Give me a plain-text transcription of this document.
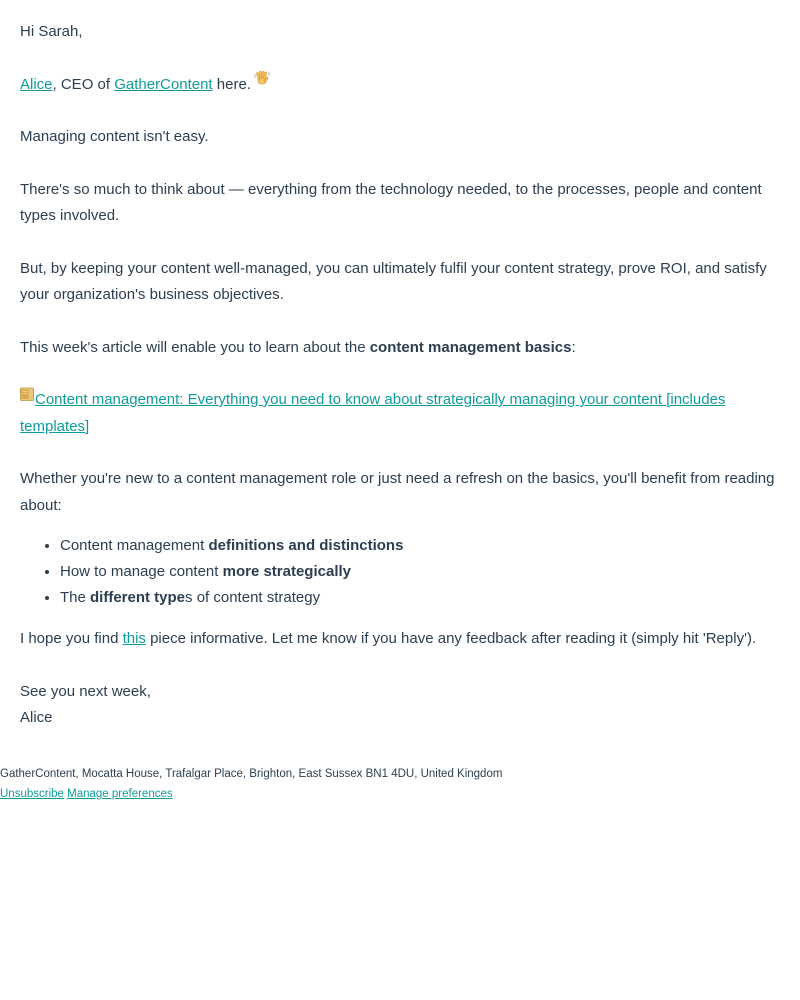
Hi Sarah,

Alice, CEO of GatherContent here.

Managing content isn't easy.

There's so much to think about — everything from the technology needed, to the processes, people and content types involved.

But, by keeping your content well-managed, you can ultimately fulfil your content strategy, prove ROI, and satisfy your organization's business objectives.

This week's article will enable you to learn about the content management basics:

Content management: Everything you need to know about strategically managing your content [includes templates]

Whether you're new to a content management role or just need a refresh on the basics, you'll benefit from reading about:

• Content management definitions and distinctions
• How to manage content more strategically
• The different types of content strategy

I hope you find this piece informative. Let me know if you have any feedback after reading it (simply hit 'Reply').

See you next week,
Alice

GatherContent, Mocatta House, Trafalgar Place, Brighton, East Sussex BN1 4DU, United Kingdom
Unsubscribe Manage preferences
